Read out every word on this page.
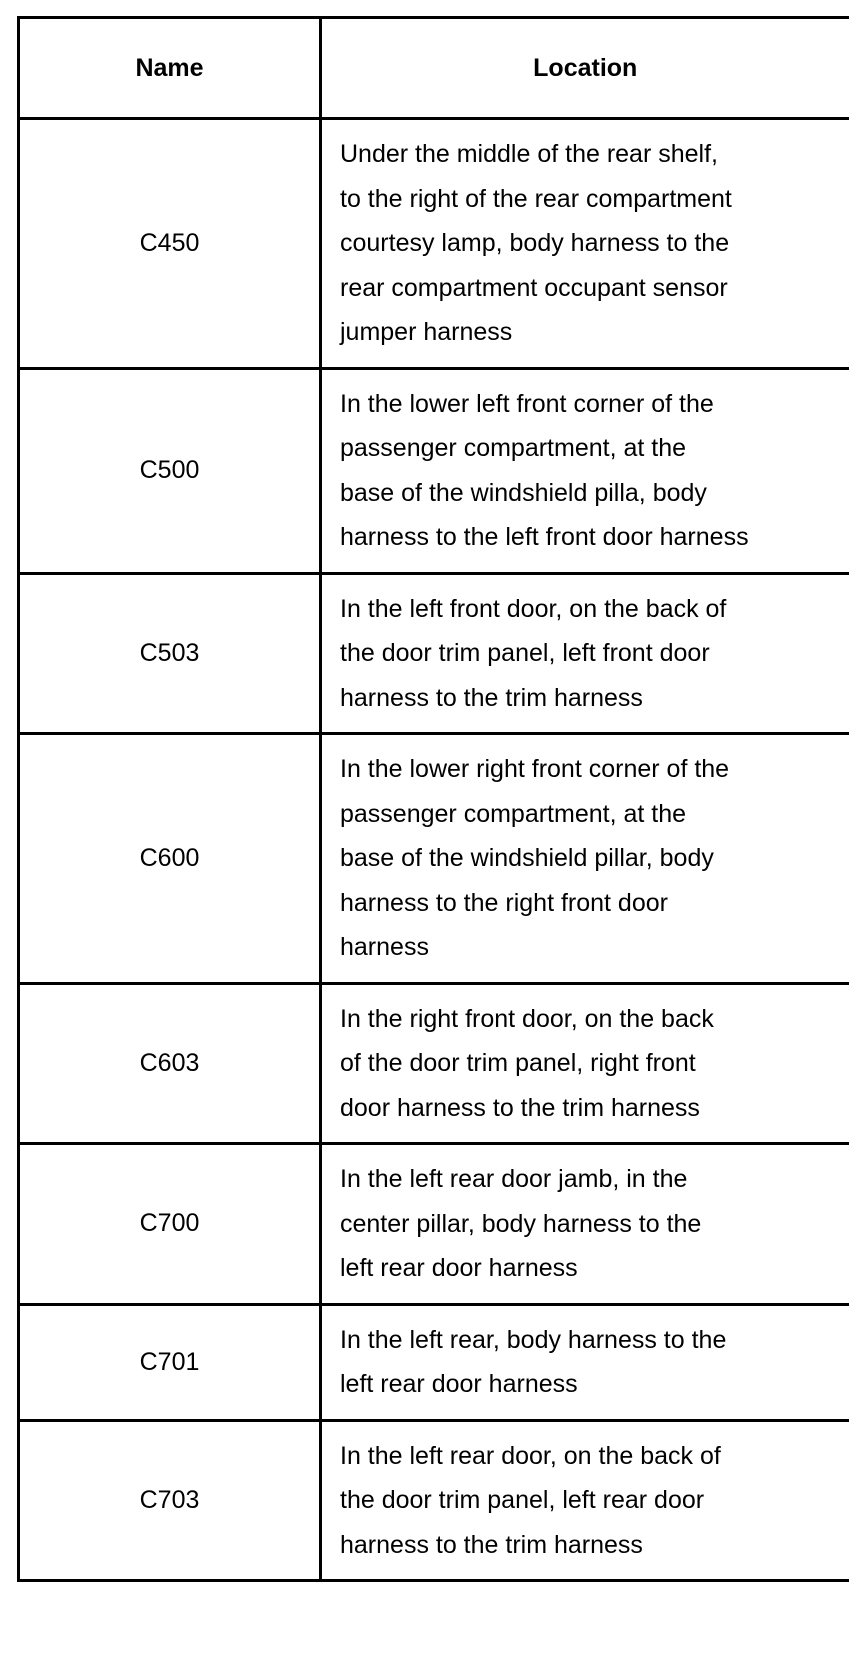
Name	Location
C450	Under the middle of the rear shelf,
to the right of the rear compartment
courtesy lamp, body harness to the
rear compartment occupant sensor
jumper harness
C500	In the lower left front corner of the
passenger compartment, at the
base of the windshield pilla, body
harness to the left front door harness
C503	In the left front door, on the back of
the door trim panel, left front door
harness to the trim harness
C600	In the lower right front corner of the
passenger compartment, at the
base of the windshield pillar, body
harness to the right front door
harness
C603	In the right front door, on the back
of the door trim panel, right front
door harness to the trim harness
C700	In the left rear door jamb, in the
center pillar, body harness to the
left rear door harness
C701	In the left rear, body harness to the
left rear door harness
C703	In the left rear door, on the back of
the door trim panel, left rear door
harness to the trim harness
